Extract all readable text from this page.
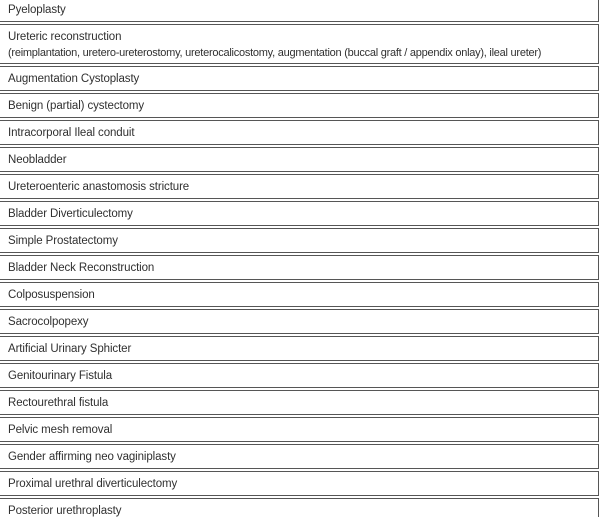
Pyeloplasty
Ureteric reconstruction
(reimplantation, uretero-ureterostomy, ureterocalicostomy, augmentation (buccal graft / appendix onlay), ileal ureter)
Augmentation Cystoplasty
Benign (partial) cystectomy
Intracorporal Ileal conduit
Neobladder
Ureteroenteric anastomosis stricture
Bladder Diverticulectomy
Simple Prostatectomy
Bladder Neck Reconstruction
Colposuspension
Sacrocolpopexy
Artificial Urinary Sphicter
Genitourinary Fistula
Rectourethral fistula
Pelvic mesh removal
Gender affirming neo vaginiplasty
Proximal urethral diverticulectomy
Posterior urethroplasty
